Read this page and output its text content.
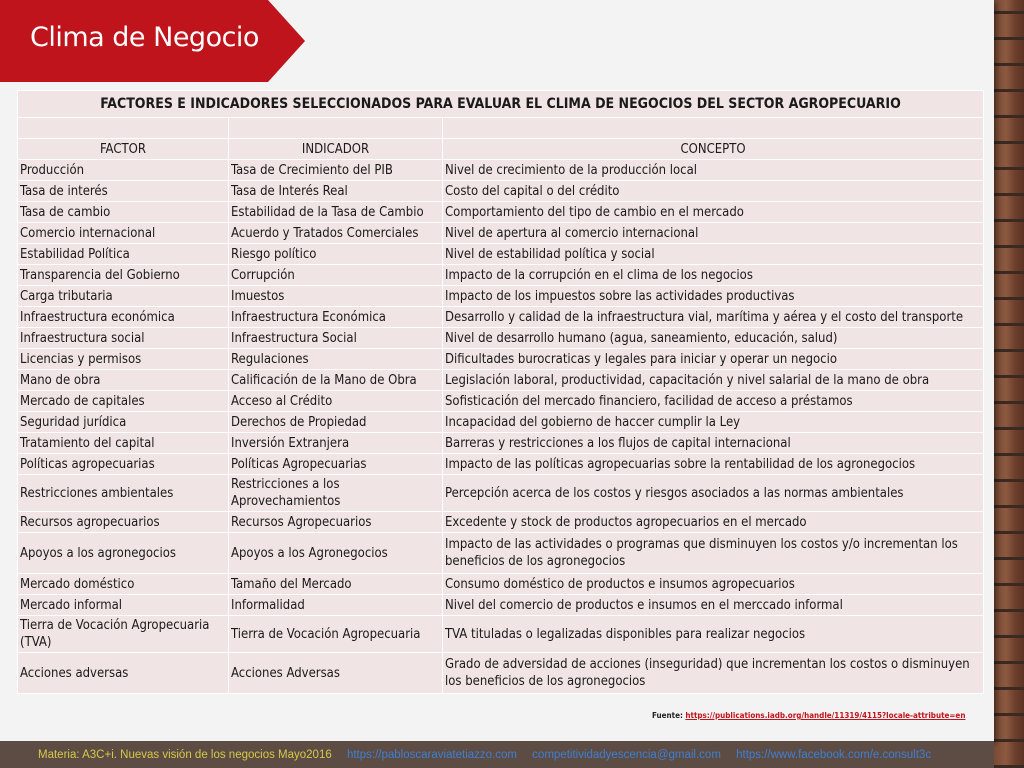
Clima de Negocio
FACTORES E INDICADORES SELECCIONADOS PARA EVALUAR EL CLIMA DE NEGOCIOS DEL SECTOR AGROPECUARIO		

FACTOR	INDICADOR	CONCEPTO
Producción	Tasa de Crecimiento del PIB	Nivel de crecimiento de la producción local
Tasa de interés	Tasa de Interés Real	Costo del capital o del crédito
Tasa de cambio	Estabilidad de la Tasa de Cambio	Comportamiento del tipo de cambio en el mercado
Comercio internacional	Acuerdo y Tratados Comerciales	Nivel de apertura al comercio internacional
Estabilidad Política	Riesgo político	Nivel de estabilidad política y social
Transparencia del Gobierno	Corrupción	Impacto de la corrupción en el clima de los negocios
Carga tributaria	Imuestos	Impacto de los impuestos sobre las actividades productivas
Infraestructura económica	Infraestructura Económica	Desarrollo y calidad de la infraestructura vial, marítima y aérea y el costo del transporte
Infraestructura social	Infraestructura Social	Nivel de desarrollo humano (agua, saneamiento, educación, salud)
Licencias y permisos	Regulaciones	Dificultades burocraticas y legales para iniciar y operar un negocio
Mano de obra	Calificación de la Mano de Obra	Legislación laboral, productividad, capacitación y nivel salarial de la mano de obra
Mercado de capitales	Acceso al Crédito	Sofisticación del mercado financiero, facilidad de acceso a préstamos
Seguridad jurídica	Derechos de Propiedad	Incapacidad del gobierno de haccer cumplir la Ley
Tratamiento del capital	Inversión Extranjera	Barreras y restricciones a los flujos de capital internacional
Políticas agropecuarias	Políticas Agropecuarias	Impacto de las políticas agropecuarias sobre la rentabilidad de los agronegocios
Restricciones ambientales	Restricciones a los Aprovechamientos	Percepción acerca de los costos y riesgos asociados a las normas ambientales
Recursos agropecuarios	Recursos Agropecuarios	Excedente y stock de productos agropecuarios en el mercado
Apoyos a los agronegocios	Apoyos a los Agronegocios	Impacto de las actividades o programas que disminuyen los costos y/o incrementan los beneficios de los agronegocios
Mercado doméstico	Tamaño del Mercado	Consumo doméstico de productos e insumos agropecuarios
Mercado informal	Informalidad	Nivel del comercio de productos e insumos en el merccado informal
Tierra de Vocación Agropecuaria (TVA)	Tierra de Vocación Agropecuaria	TVA tituladas o legalizadas disponibles para realizar negocios
Acciones adversas	Acciones Adversas	Grado de adversidad de acciones (inseguridad) que incrementan los costos o disminuyen los beneficios de los agronegocios
Fuente: https://publications.iadb.org/handle/11319/4115?locale-attribute=en
Materia: A3C+i. Nuevas visión de los negocios Mayo2016 https://pabloscaraviatetiazzo.com competitividadyescencia@gmail.com https://www.facebook.com/e.consult3c
